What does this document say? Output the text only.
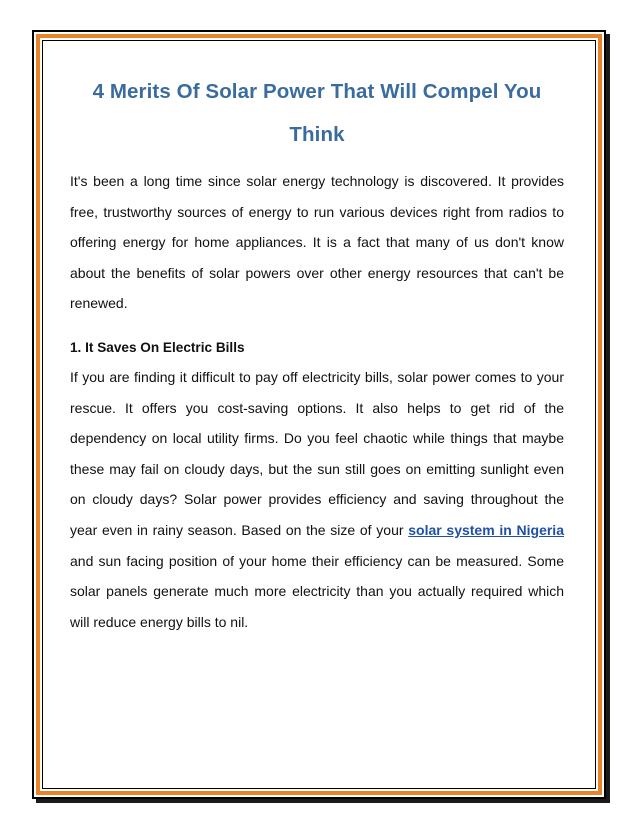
4 Merits Of Solar Power That Will Compel You Think

It's been a long time since solar energy technology is discovered. It provides free, trustworthy sources of energy to run various devices right from radios to offering energy for home appliances. It is a fact that many of us don't know about the benefits of solar powers over other energy resources that can't be renewed.

1. It Saves On Electric Bills

If you are finding it difficult to pay off electricity bills, solar power comes to your rescue. It offers you cost-saving options. It also helps to get rid of the dependency on local utility firms. Do you feel chaotic while things that maybe these may fail on cloudy days, but the sun still goes on emitting sunlight even on cloudy days? Solar power provides efficiency and saving throughout the year even in rainy season. Based on the size of your solar system in Nigeria and sun facing position of your home their efficiency can be measured. Some solar panels generate much more electricity than you actually required which will reduce energy bills to nil.
